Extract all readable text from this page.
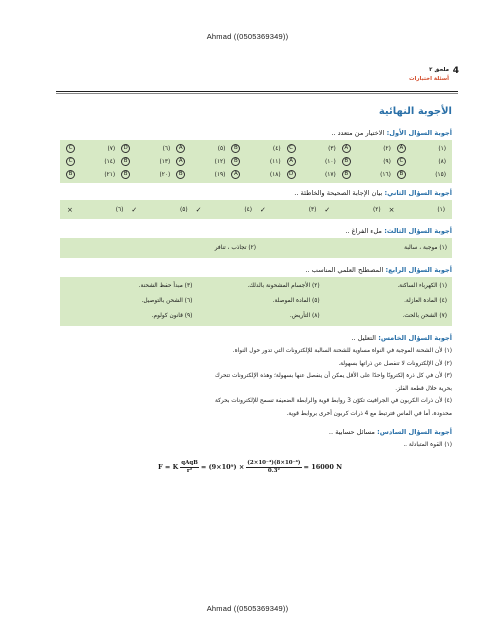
Ahmad ((0505369349))
4
ملحق ٢
أسئلة اختبارات
الأجوبة النهائية
أجوبة السؤال الأول: الاختيار من متعدد ..
(١)
A
(٢)
A
(٣)
C
(٤)
B
(٥)
A
(٦)
D
(٧)
C
(٨)
C
(٩)
B
(١٠)
A
(١١)
B
(١٢)
A
(١٣)
B
(١٤)
C
(١٥)
B
(١٦)
B
(١٧)
D
(١٨)
A
(١٩)
B
(٢٠)
B
(٢١)
B
أجوبة السؤال الثاني: بيان الإجابة الصحيحة والخاطئة ..
(١)
×
(٢)
✓
(٣)
✓
(٤)
✓
(٥)
✓
(٦)
×
أجوبة السؤال الثالث: ملء الفراغ ..
(١) موجبة ، سالبة
(٢) تجاذب ، تنافر
أجوبة السؤال الرابع: المصطلح العلمي المناسب ..
(١) الكهرباء الساكنة.
(٢) الأجسام المشحونة بالدلك.
(٣) مبدأ حفظ الشحنة.
(٤) المادة العازلة.
(٥) المادة الموصلة.
(٦) الشحن بالتوصيل.
(٧) الشحن بالحث.
(٨) التأريض.
(٩) قانون كولوم.
أجوبة السؤال الخامس: التعليل ..
(١) لأن الشحنة الموجبة في النواة مساوية للشحنة السالبة للإلكترونات التي تدور حول النواة.
(٢) لأن الإلكترونات لا تنفصل عن ذراتها بسهولة.
(٣) لأن في كل ذرة إلكترونًا واحدًا على الأقل يمكن أن ينفصل عنها بسهولة؛ وهذه الإلكترونات تتحرك
بحرية خلال قطعة الفلز.
(٤) لأن ذرات الكربون في الجرافيت تكوّن 3 روابط قوية والرابطة الضعيفة تسمح للإلكترونات بحركة
محدودة، أما في الماس فترتبط مع 4 ذرات كربون أخرى بروابط قوية.
أجوبة السؤال السادس: مسائل حسابية ..
(١) القوة المتبادلة ..
F = K $\frac{\text{qAqB}}{\text{r²}} = (9\times 10^9) \times \frac{\text{(2×10⁻⁴)(8×10⁻⁴)}}{\text{0.3²}} = 16000$ N
Ahmad ((0505369349))
